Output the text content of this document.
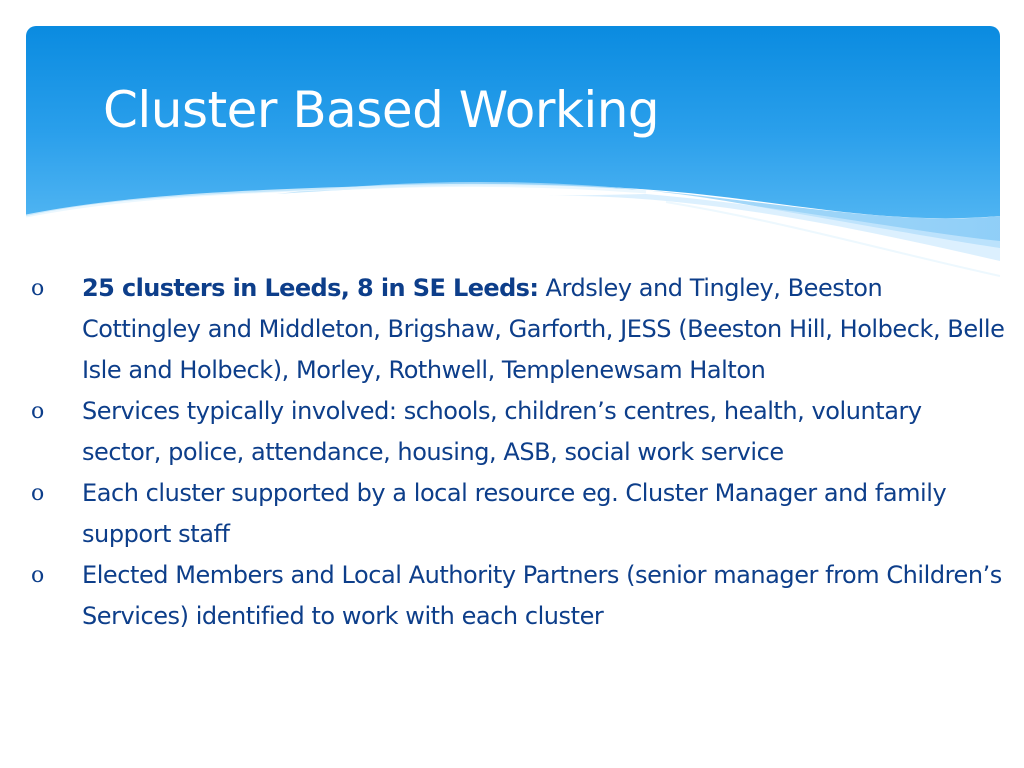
Cluster Based Working
o 25 clusters in Leeds, 8 in SE Leeds: Ardsley and Tingley, Beeston Cottingley and Middleton, Brigshaw, Garforth, JESS (Beeston Hill, Holbeck, Belle Isle and Holbeck), Morley, Rothwell, Templenewsam Halton
o Services typically involved: schools, children’s centres, health, voluntary sector, police, attendance, housing, ASB, social work service
o Each cluster supported by a local resource eg. Cluster Manager and family support staff
o Elected Members and Local Authority Partners (senior manager from Children’s Services) identified to work with each cluster
